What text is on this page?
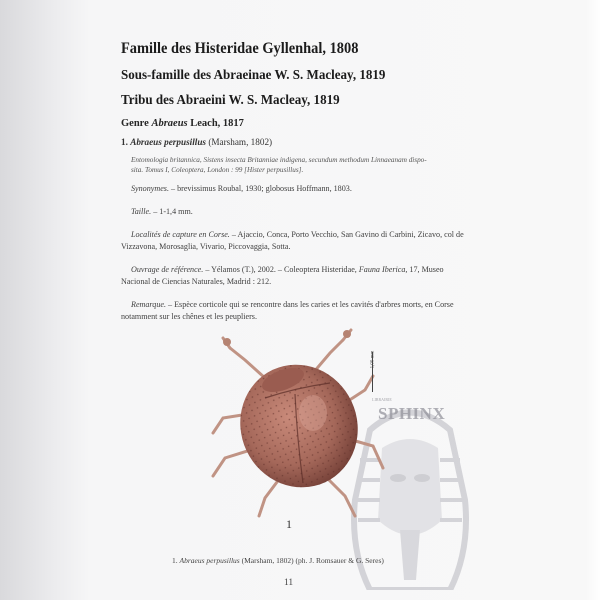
Famille des Histeridae Gyllenhal, 1808
Sous-famille des Abraeinae W. S. Macleay, 1819
Tribu des Abraeini W. S. Macleay, 1819
Genre Abraeus Leach, 1817
1. Abraeus perpusillus (Marsham, 1802)
Entomologia britannica, Sistens insecta Britanniae indigena, secundum methodum Linnaeanam dispo-
sita. Tomus I, Coleoptera, London : 99 [Hister perpusillus].
Synonymes. – brevissimus Roubal, 1930; globosus Hoffmann, 1803.
Taille. – 1-1,4 mm.
Localités de capture en Corse. – Ajaccio, Conca, Porto Vecchio, San Gavino di Carbini, Zicavo, col de Vizzavona, Morosaglia, Vivario, Piccovaggia, Sotta.
Ouvrage de référence. – Yélamos (T.), 2002. – Coleoptera Histeridae, Fauna Iberica, 17, Museo Nacional de Ciencias Naturales, Madrid : 212.
Remarque. – Espèce corticole qui se rencontre dans les caries et les cavités d'arbres morts, en Corse notamment sur les chênes et les peupliers.
LIBRAIRIE
SPHINX
1,00 mm
1
1. Abraeus perpusillus (Marsham, 1802) (ph. J. Romsauer & G. Seres)
11
